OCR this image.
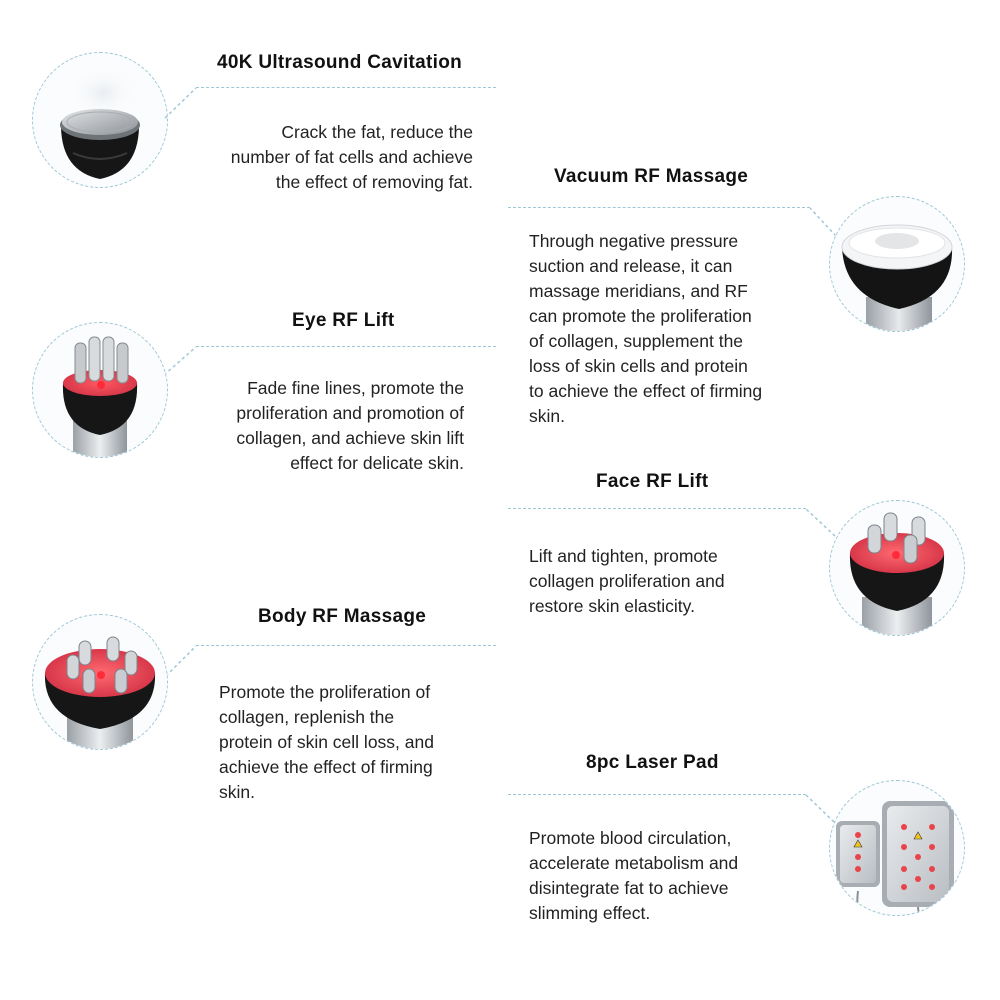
40K Ultrasound Cavitation
Crack the fat, reduce the
number of fat cells and achieve
the effect of removing fat.	Vacuum RF Massage
Through negative pressure
suction and release, it can
massage meridians, and RF
can promote the proliferation
of collagen, supplement the
loss of skin cells and protein
to achieve the effect of firming
skin.
Eye RF Lift
Fade fine lines, promote the
proliferation and promotion of
collagen, and achieve skin lift
effect for delicate skin.
Face RF Lift
Lift and tighten, promote
collagen proliferation and
restore skin elasticity.
Body RF Massage
Promote the proliferation of
collagen, replenish the
protein of skin cell loss, and
achieve the effect of firming
skin.
8pc Laser Pad
Promote blood circulation,
accelerate metabolism and
disintegrate fat to achieve
slimming effect.
